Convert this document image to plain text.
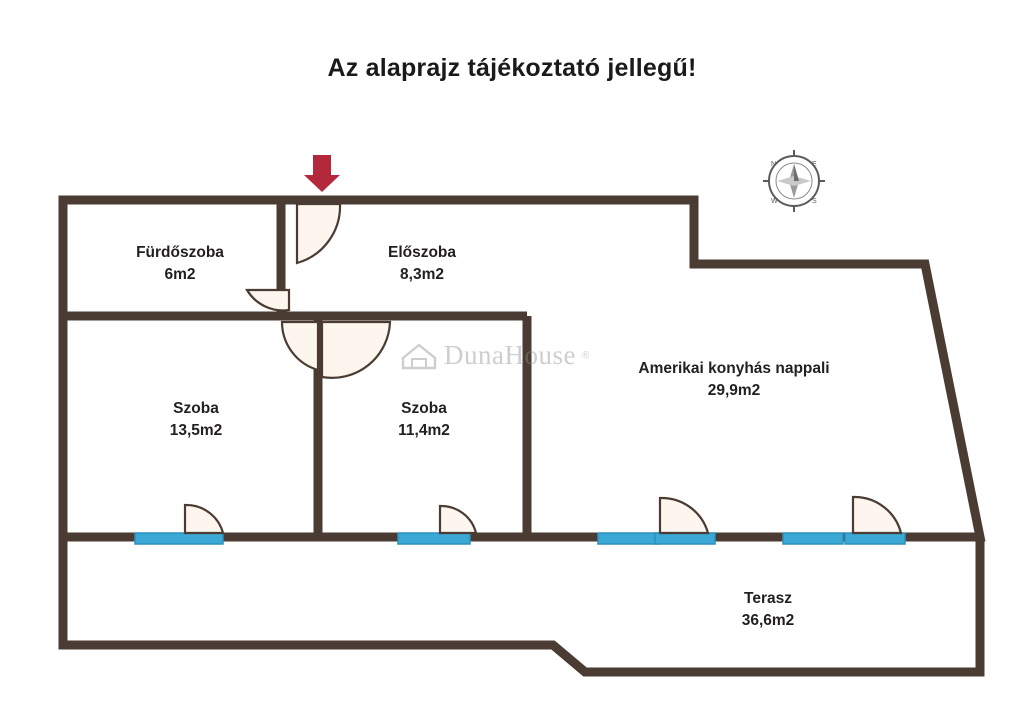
N	E
S
W
Az alaprajz tájékoztató jellegű!
DunaHouse ®
Fürdőszoba
6m2
Előszoba
8,3m2
Szoba
13,5m2
Szoba
11,4m2
Amerikai konyhás nappali
29,9m2
Terasz
36,6m2
